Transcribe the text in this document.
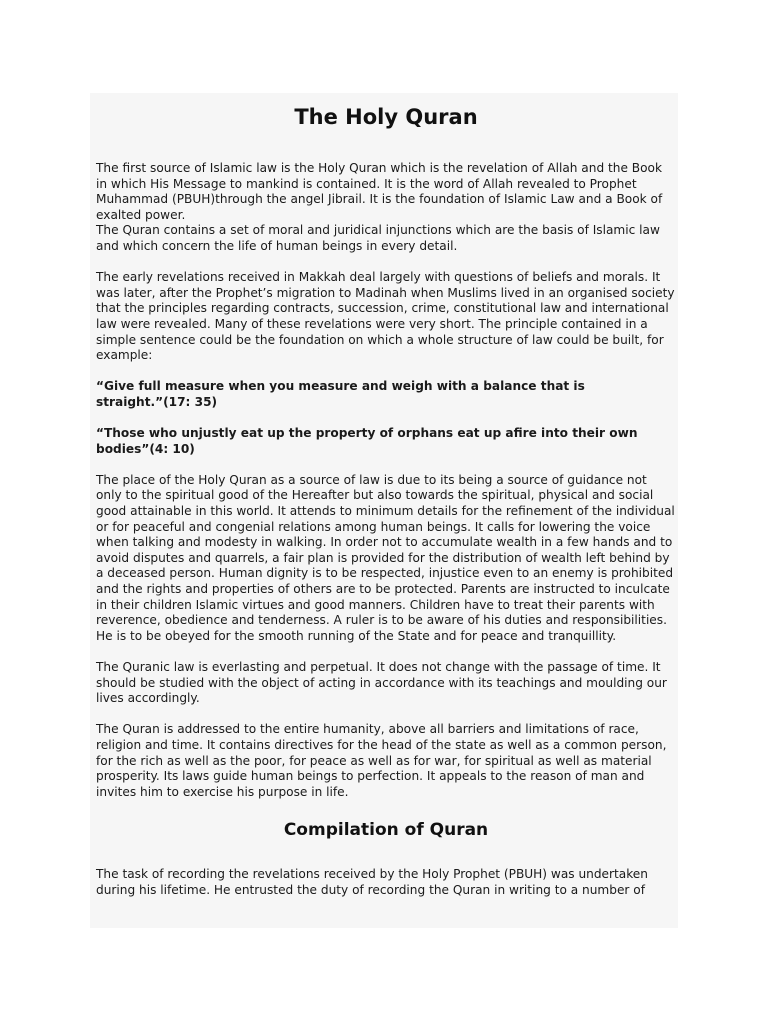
The Holy Quran

The first source of Islamic law is the Holy Quran which is the revelation of Allah and the Book in which His Message to mankind is contained. It is the word of Allah revealed to Prophet Muhammad (PBUH)through the angel Jibrail. It is the foundation of Islamic Law and a Book of exalted power.

The Quran contains a set of moral and juridical injunctions which are the basis of Islamic law and which concern the life of human beings in every detail.

The early revelations received in Makkah deal largely with questions of beliefs and morals. It was later, after the Prophet’s migration to Madinah when Muslims lived in an organised society that the principles regarding contracts, succession, crime, constitutional law and international law were revealed. Many of these revelations were very short. The principle contained in a simple sentence could be the foundation on which a whole structure of law could be built, for example:

“Give full measure when you measure and weigh with a balance that is straight.”(17: 35)

“Those who unjustly eat up the property of orphans eat up afire into their own bodies”(4: 10)

The place of the Holy Quran as a source of law is due to its being a source of guidance not only to the spiritual good of the Hereafter but also towards the spiritual, physical and social good attainable in this world. It attends to minimum details for the refinement of the individual or for peaceful and congenial relations among human beings. It calls for lowering the voice when talking and modesty in walking. In order not to accumulate wealth in a few hands and to avoid disputes and quarrels, a fair plan is provided for the distribution of wealth left behind by a deceased person. Human dignity is to be respected, injustice even to an enemy is prohibited and the rights and properties of others are to be protected. Parents are instructed to inculcate in their children Islamic virtues and good manners. Children have to treat their parents with reverence, obedience and tenderness. A ruler is to be aware of his duties and responsibilities. He is to be obeyed for the smooth running of the State and for peace and tranquillity.

The Quranic law is everlasting and perpetual. It does not change with the passage of time. It should be studied with the object of acting in accordance with its teachings and moulding our lives accordingly.

The Quran is addressed to the entire humanity, above all barriers and limitations of race, religion and time. It contains directives for the head of the state as well as a common person, for the rich as well as the poor, for peace as well as for war, for spiritual as well as material prosperity. Its laws guide human beings to perfection. It appeals to the reason of man and invites him to exercise his purpose in life.

Compilation of Quran

The task of recording the revelations received by the Holy Prophet (PBUH) was undertaken during his lifetime. He entrusted the duty of recording the Quran in writing to a number of
